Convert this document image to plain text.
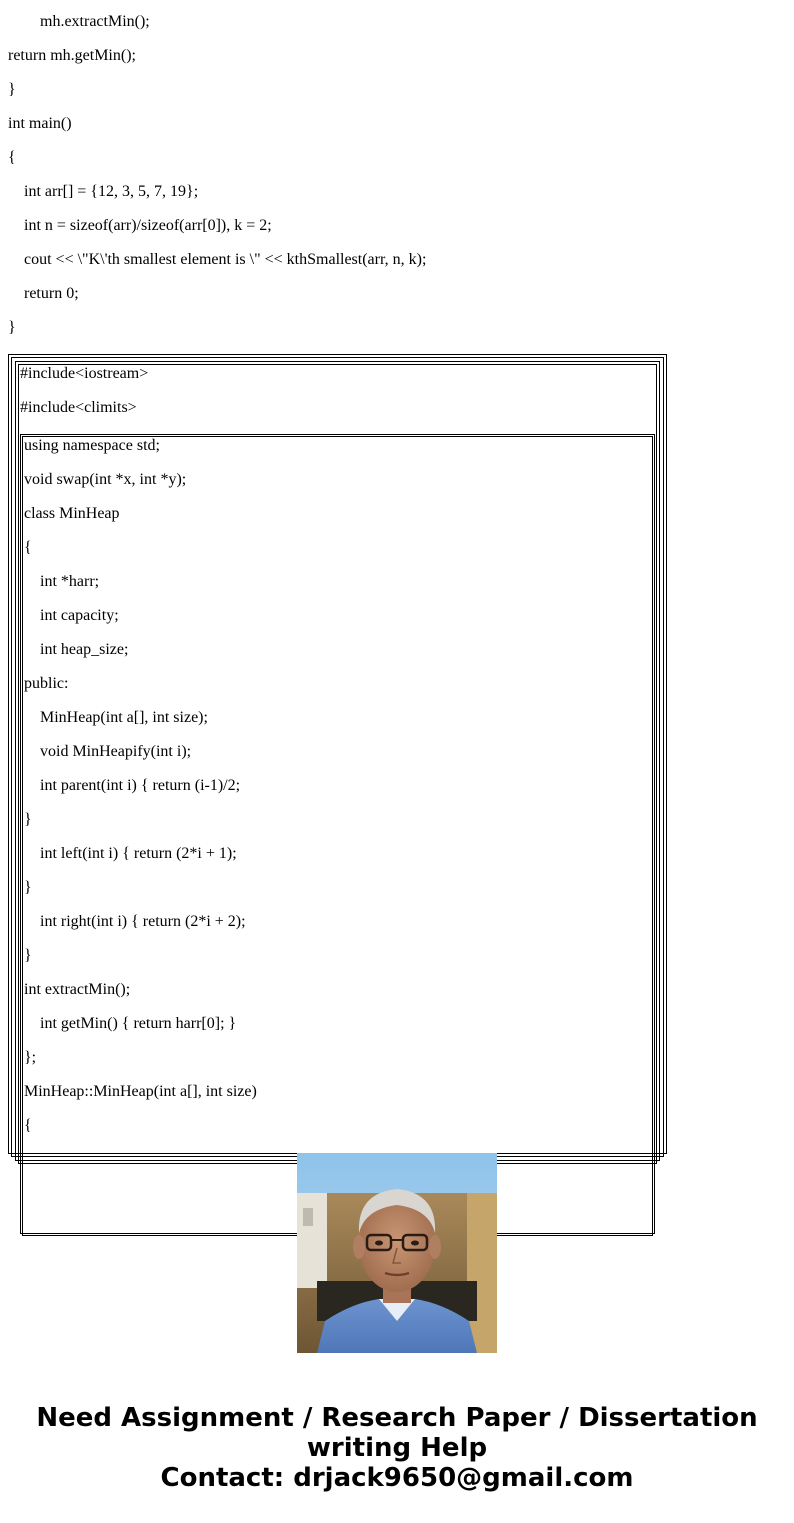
mh.extractMin();
return mh.getMin();
}
int main()
{
int arr[] = {12, 3, 5, 7, 19};
int n = sizeof(arr)/sizeof(arr[0]), k = 2;
cout << \"K\'th smallest element is \" << kthSmallest(arr, n, k);
return 0;
}
#include<iostream>
#include<climits>
using namespace std;
void swap(int *x, int *y);
class MinHeap
{
int *harr;
int capacity;
int heap_size;
public:
MinHeap(int a[], int size);
void MinHeapify(int i);
int parent(int i) { return (i-1)/2;
}
int left(int i) { return (2*i + 1);
}
int right(int i) { return (2*i + 2);
}
int extractMin();
int getMin() { return harr[0]; }
};
MinHeap::MinHeap(int a[], int size)
{
Need Assignment / Research Paper / Dissertation
writing Help
Contact: drjack9650@gmail.com
